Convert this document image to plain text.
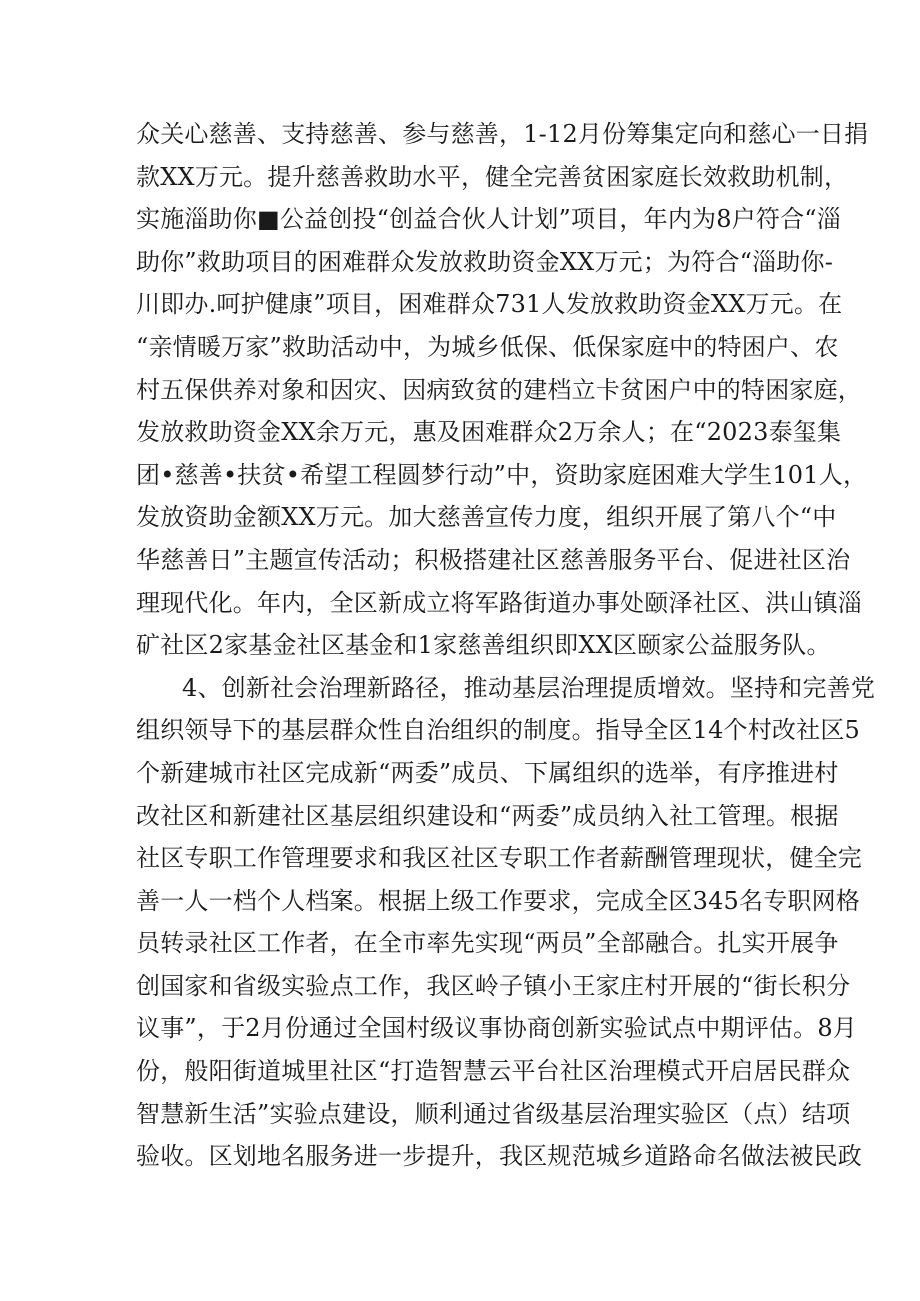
众关心慈善、支持慈善、参与慈善，1-12月份筹集定向和慈心一日捐
款XX万元。提升慈善救助水平，健全完善贫困家庭长效救助机制，
实施淄助你■公益创投“创益合伙人计划”项目，年内为8户符合“淄
助你”救助项目的困难群众发放救助资金XX万元；为符合“淄助你-
川即办.呵护健康”项目，困难群众731人发放救助资金XX万元。在
“亲情暖万家”救助活动中，为城乡低保、低保家庭中的特困户、农
村五保供养对象和因灾、因病致贫的建档立卡贫困户中的特困家庭，
发放救助资金XX余万元，惠及困难群众2万余人；在“2023泰玺集
团•慈善•扶贫•希望工程圆梦行动”中，资助家庭困难大学生101人，
发放资助金额XX万元。加大慈善宣传力度，组织开展了第八个“中
华慈善日”主题宣传活动；积极搭建社区慈善服务平台、促进社区治
理现代化。年内，全区新成立将军路街道办事处颐泽社区、洪山镇淄
矿社区2家基金社区基金和1家慈善组织即XX区颐家公益服务队。
4、创新社会治理新路径，推动基层治理提质增效。坚持和完善党
组织领导下的基层群众性自治组织的制度。指导全区14个村改社区5
个新建城市社区完成新“两委”成员、下属组织的选举，有序推进村
改社区和新建社区基层组织建设和“两委”成员纳入社工管理。根据
社区专职工作管理要求和我区社区专职工作者薪酬管理现状，健全完
善一人一档个人档案。根据上级工作要求，完成全区345名专职网格
员转录社区工作者，在全市率先实现“两员”全部融合。扎实开展争
创国家和省级实验点工作，我区岭子镇小王家庄村开展的“街长积分
议事”，于2月份通过全国村级议事协商创新实验试点中期评估。8月
份，般阳街道城里社区“打造智慧云平台社区治理模式开启居民群众
智慧新生活”实验点建设，顺利通过省级基层治理实验区（点）结项
验收。区划地名服务进一步提升，我区规范城乡道路命名做法被民政
